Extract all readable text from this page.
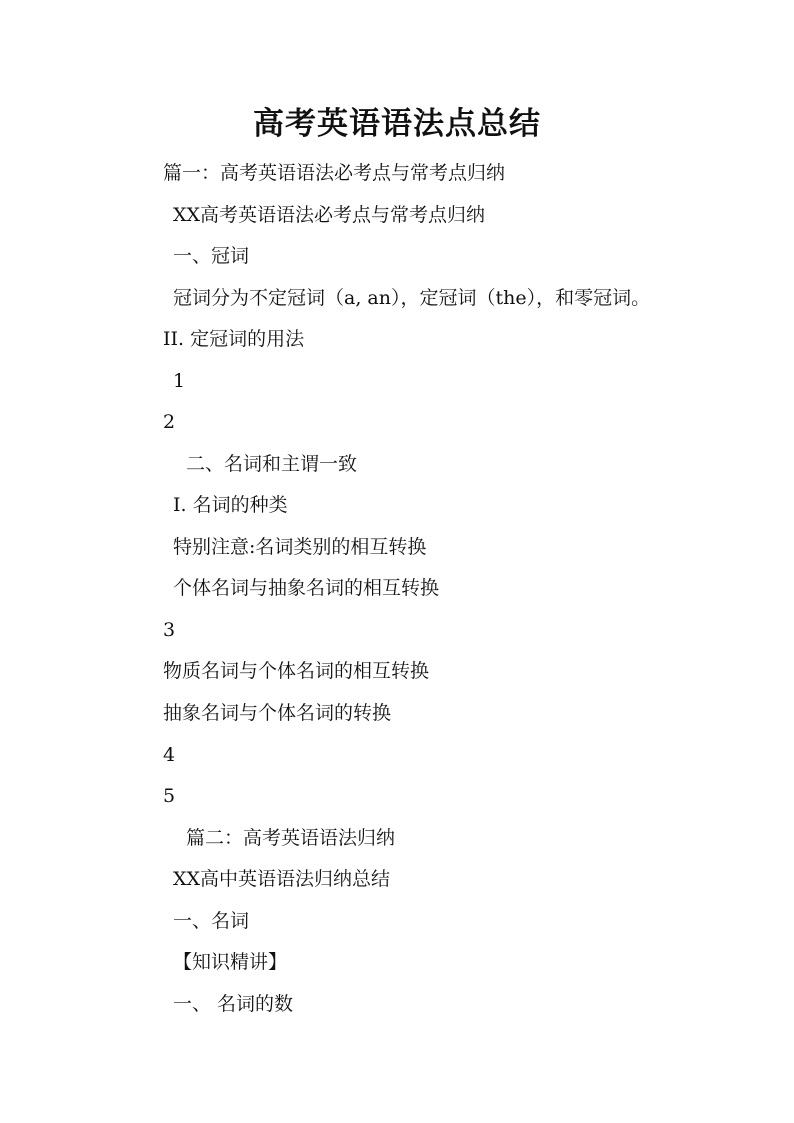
高考英语语法点总结
篇一：高考英语语法必考点与常考点归纳
XX高考英语语法必考点与常考点归纳
一、冠词
冠词分为不定冠词（a, an），定冠词（the），和零冠词。
II. 定冠词的用法
1
2
二、名词和主谓一致
I. 名词的种类
特别注意:名词类别的相互转换
个体名词与抽象名词的相互转换
3
物质名词与个体名词的相互转换
抽象名词与个体名词的转换
4
5
篇二：高考英语语法归纳
XX高中英语语法归纳总结
一、名词
【知识精讲】
一、 名词的数
